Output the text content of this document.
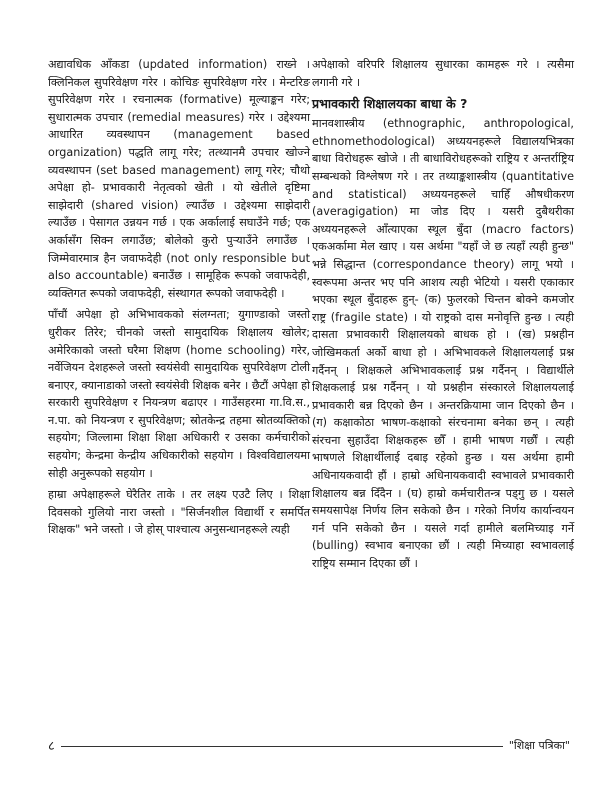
अद्यावधिक आँकडा (updated information) राख्ने । क्लिनिकल सुपरिवेक्षण गरेर । कोचिङ सुपरिवेक्षण गरेर । मेन्टरिङ सुपरिवेक्षण गरेर । रचनात्मक (formative) मूल्याङ्कन गरेर; सुधारात्मक उपचार (remedial measures) गरेर । उद्देश्यमा आधारित व्यवस्थापन (management based organization) पद्धति लागू गरेर; तत्थ्यानमै उपचार खोज्ने व्यवस्थापन (set based management) लागू गरेर; चौथो अपेक्षा हो- प्रभावकारी नेतृत्वको खेती । यो खेतीले दृष्टिमा साझेदारी (shared vision) ल्याउँछ । उद्देश्यमा साझेदारी ल्याउँछ । पेसागत उन्नयन गर्छ । एक अर्कालाई सघाउँने गर्छ; एक अर्कासँग सिक्न लगाउँछ; बोलेको कुरो पुऱ्याउँने लगाउँछ । जिम्मेवारमात्र हैन जवाफदेही (not only responsible but also accountable) बनाउँछ । सामूहिक रूपको जवाफदेही, व्यक्तिगत रूपको जवाफदेही, संस्थागत रूपको जवाफदेही ।

पाँचौं अपेक्षा हो अभिभावकको संलग्नता; युगाण्डाको जस्तो धुरीकर तिरेर; चीनको जस्तो सामुदायिक शिक्षालय खोलेर; अमेरिकाको जस्तो घरैमा शिक्षण (home schooling) गरेर, नर्वेजियन देशहरूले जस्तो स्वयंसेवी सामुदायिक सुपरिवेक्षण टोली बनाएर, क्यानाडाको जस्तो स्वयंसेवी शिक्षक बनेर । छैटौं अपेक्षा हो सरकारी सुपरिवेक्षण र नियन्त्रण बढाएर । गाउँसहरमा गा.वि.स., न.पा. को नियन्त्रण र सुपरिवेक्षण; स्रोतकेन्द्र तहमा स्रोतव्यक्तिको सहयोग; जिल्लामा शिक्षा शिक्षा अधिकारी र उसका कर्मचारीको सहयोग; केन्द्रमा केन्द्रीय अधिकारीको सहयोग । विश्वविद्यालयमा सोही अनुरूपको सहयोग ।

हाम्रा अपेक्षाहरूले घेरैतिर ताके । तर लक्ष्य एउटै लिए । शिक्षा दिवसको गुलियो नारा जस्तो । "सिर्जनशील विद्यार्थी र समर्पित शिक्षक" भने जस्तो । जे होस् पाश्चात्य अनुसन्धानहरूले त्यही

अपेक्षाको वरिपरि शिक्षालय सुधारका कामहरू गरे । त्यसैमा लगानी गरे ।

प्रभावकारी शिक्षालयका बाधा के ?

मानवशास्त्रीय (ethnographic, anthropological, ethnomethodological) अध्ययनहरूले विद्यालयभित्रका बाधा विरोधहरू खोजे । ती बाधाविरोधहरूको राष्ट्रिय र अन्तर्राष्ट्रिय सम्बन्धको विश्लेषण गरे । तर तथ्याङ्कशास्त्रीय (quantitative and statistical) अध्ययनहरूले चाहिँ औषधीकरण (averagigation) मा जोड दिए । यसरी दुबैथरीका अध्ययनहरूले आँत्याएका स्थूल बुँदा (macro factors) एकअर्कामा मेल खाए । यस अर्थमा "यहाँ जे छ त्यहाँ त्यही हुन्छ" भन्ने सिद्धान्त (correspondance theory) लागू भयो । स्वरूपमा अन्तर भए पनि आशय त्यही भेटियो । यसरी एकाकार भएका स्थूल बुँदाहरू हुन्- (क) फुलरको चिन्तन बोक्ने कमजोर राष्ट्र (fragile state) । यो राष्ट्रको दास मनोवृत्ति हुन्छ । त्यही दासता प्रभावकारी शिक्षालयको बाधक हो । (ख) प्रश्नहीन जोखिमकर्ता अर्को बाधा हो । अभिभावकले शिक्षालयलाई प्रश्न गर्दैनन् । शिक्षकले अभिभावकलाई प्रश्न गर्दैनन् । विद्यार्थीले शिक्षकलाई प्रश्न गर्दैनन् । यो प्रश्नहीन संस्कारले शिक्षालयलाई प्रभावकारी बन्न दिएको छैन । अन्तरक्रियामा जान दिएको छैन । (ग) कक्षाकोठा भाषण-कक्षाको संरचनामा बनेका छन् । त्यही संरचना सुहाउँदा शिक्षकहरू छौँ । हामी भाषण गर्छौं । त्यही भाषणले शिक्षार्थीलाई दबाइ रहेको हुन्छ । यस अर्थमा हामी अधिनायकवादी हौं । हाम्रो अधिनायकवादी स्वभावले प्रभावकारी शिक्षालय बन्न दिँदैन । (घ) हाम्रो कर्मचारीतन्त्र पड्गु छ । यसले समयसापेक्ष निर्णय लिन सकेको छैन । गरेको निर्णय कार्यान्वयन गर्न पनि सकेको छैन । यसले गर्दा हामीले बलमिच्याइ गर्ने (bulling) स्वभाव बनाएका छौं । त्यही मिच्याहा स्वभावलाई राष्ट्रिय सम्मान दिएका छौं ।

८	"शिक्षा पत्रिका"
